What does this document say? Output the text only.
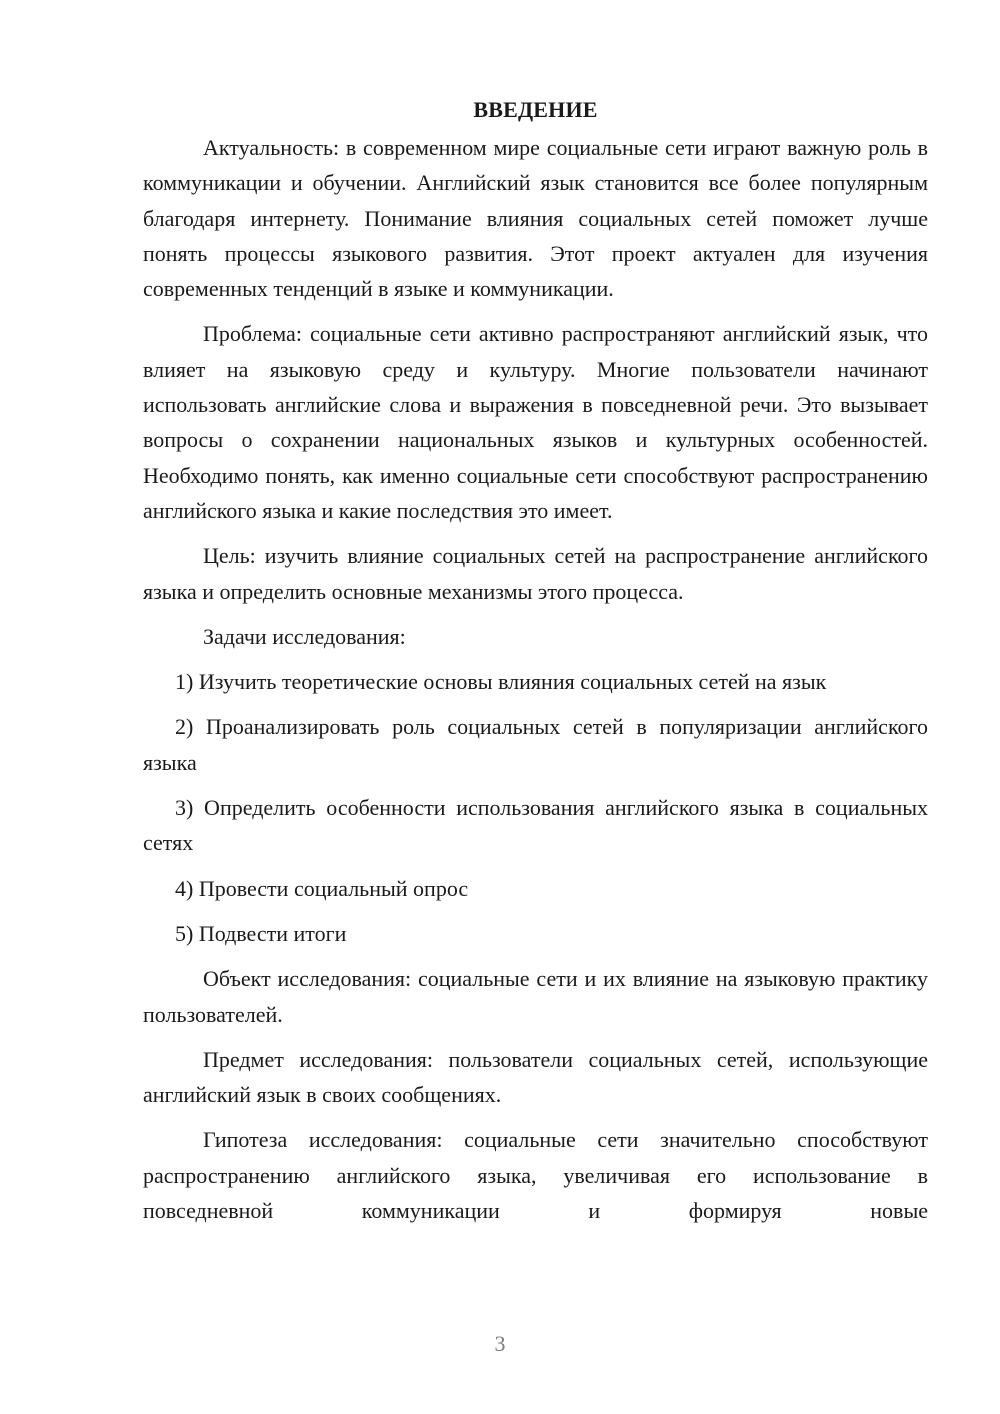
ВВЕДЕНИЕ

Актуальность: в современном мире социальные сети играют важную роль в коммуникации и обучении. Английский язык становится все более популярным благодаря интернету. Понимание влияния социальных сетей поможет лучше понять процессы языкового развития. Этот проект актуален для изучения современных тенденций в языке и коммуникации.

Проблема: социальные сети активно распространяют английский язык, что влияет на языковую среду и культуру. Многие пользователи начинают использовать английские слова и выражения в повседневной речи. Это вызывает вопросы о сохранении национальных языков и культурных особенностей. Необходимо понять, как именно социальные сети способствуют распространению английского языка и какие последствия это имеет.

Цель: изучить влияние социальных сетей на распространение английского языка и определить основные механизмы этого процесса.

Задачи исследования:

1) Изучить теоретические основы влияния социальных сетей на язык

2) Проанализировать роль социальных сетей в популяризации английского языка

3) Определить особенности использования английского языка в социальных сетях

4) Провести социальный опрос

5) Подвести итоги

Объект исследования: социальные сети и их влияние на языковую практику пользователей.

Предмет исследования: пользователи социальных сетей, использующие английский язык в своих сообщениях.

Гипотеза исследования: социальные сети значительно способствуют распространению английского языка, увеличивая его использование в повседневной коммуникации и формируя новые

3
